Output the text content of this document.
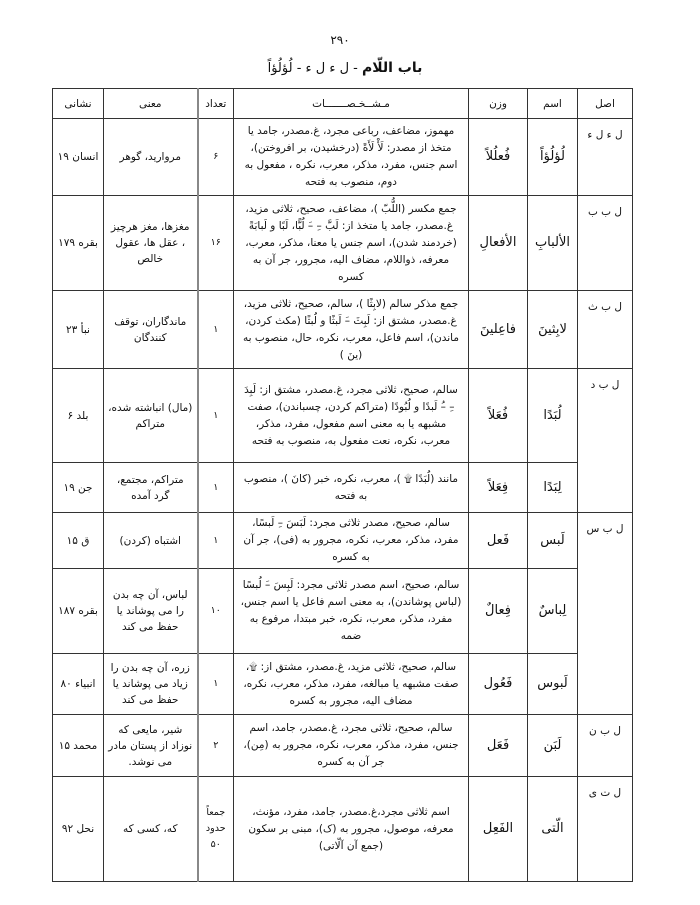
۲۹۰
باب اللّام - ل ء ل ء - لُؤلُؤاً
اصل	اسم	وزن	مـشــخـصـــــــات	تعداد	معنی	نشانی
ل ء ل ء	لُؤلُؤاً	فُعلُلاً	مهموز، مضاعف، رباعی مجرد، غ.مصدر، جامد یا متخذ از مصدر: لَأْ لَأَةً (درخشیدن، بر افروختن)، اسم جنس، مفرد، مذکر، معرب، نکره ، مفعول به دوم، منصوب به فتحه	۶	مروارید، گوهر	انسان ۱۹
ل ب ب	الألبابِ	الأفعالِ	جمع مکسر (اللُّبّ )، مضاعف، صحیح، ثلاثی مزید، غ.مصدر، جامد یا متخذ از: لَبَّ –ِ –َ لُبًّا، لَبًا و لَبابَةً (خردمند شدن)، اسم جنس یا معنا، مذکر، معرب، معرفه، ذواللام، مضاف الیه، مجرور، جر آن به کسره	۱۶	مغزها، مغز هرچیز ، عقل ها، عقول خالص	بقره ۱۷۹
ل ب ث	لابِثینَ	فاعِلینَ	جمع مذکر سالم (لابِثًا )، سالم، صحیح، ثلاثی مزید، غ.مصدر، مشتق از: لَبِثَ –َ لَبثًا و لُبثًا (مکث کردن، ماندن)، اسم فاعل، معرب، نکره، حال، منصوب به (ینَ )	۱	ماندگاران، توقف کنندگان	نبأ ۲۳
ل ب د	لُبَدًا	فُعَلاً	سالم، صحیح، ثلاثی مجرد، غ.مصدر، مشتق از: لَبِدَ –ِ –ُ لَبدًا و لُبُودًا (متراکم کردن، چسباندن)، صفت مشبهه یا به معنی اسم مفعول، مفرد، مذکر، معرب، نکره، نعت مفعول به، منصوب به فتحه	۱	(مال) انباشته شده، متراکم	بلد ۶
	لِبَدًا	فِعَلاً	مانند (لُبَدًا ۩ )، معرب، نکره، خبر (کانَ )، منصوب به فتحه	۱	متراکم، مجتمع، گرد آمده	جن ۱۹
ل ب س	لَبس	فَعل	سالم، صحیح، مصدر ثلاثی مجرد: لَبَسَ –ِ لَبسًا، مفرد، مذکر، معرب، نکره، مجرور به (فی)، جر آن به کسره	۱	اشتباه (کردن)	ق ۱۵
	لِباسٌ	فِعالٌ	سالم، صحیح، اسم مصدر ثلاثی مجرد: لَبِسَ –َ لُبسًا (لباس پوشاندن)، به معنی اسم فاعل یا اسم جنس، مفرد، مذکر، معرب، نکره، خبر مبتدا، مرفوع به ضمه	۱۰	لباس، آن چه بدن را می پوشاند یا حفظ می کند	بقره ۱۸۷
	لَبوس	فَعُول	سالم، صحیح، ثلاثی مزید، غ.مصدر، مشتق از: ۩، صفت مشبهه یا مبالغه، مفرد، مذکر، معرب، نکره، مضاف الیه، مجرور به کسره	۱	زره، آن چه بدن را زیاد می پوشاند یا حفظ می کند	انبیاء ۸۰
ل ب ن	لَبَن	فَعَل	سالم، صحیح، ثلاثی مجرد، غ.مصدر، جامد، اسم جنس، مفرد، مذکر، معرب، نکره، مجرور به (مِن)، جر آن به کسره	۲	شیر، مایعی که نوزاد از پستان مادر می نوشد.	محمد ۱۵
ل ت ی	الّتی	الفَعِل	اسم ثلاثی مجرد،غ.مصدر، جامد، مفرد، مؤنث، معرفه، موصول، مجرور به (ک)، مبنی بر سکون (جمع آن آلّاتی)	جمعاً حدود ۵۰	که، کسی که	نحل ۹۲
